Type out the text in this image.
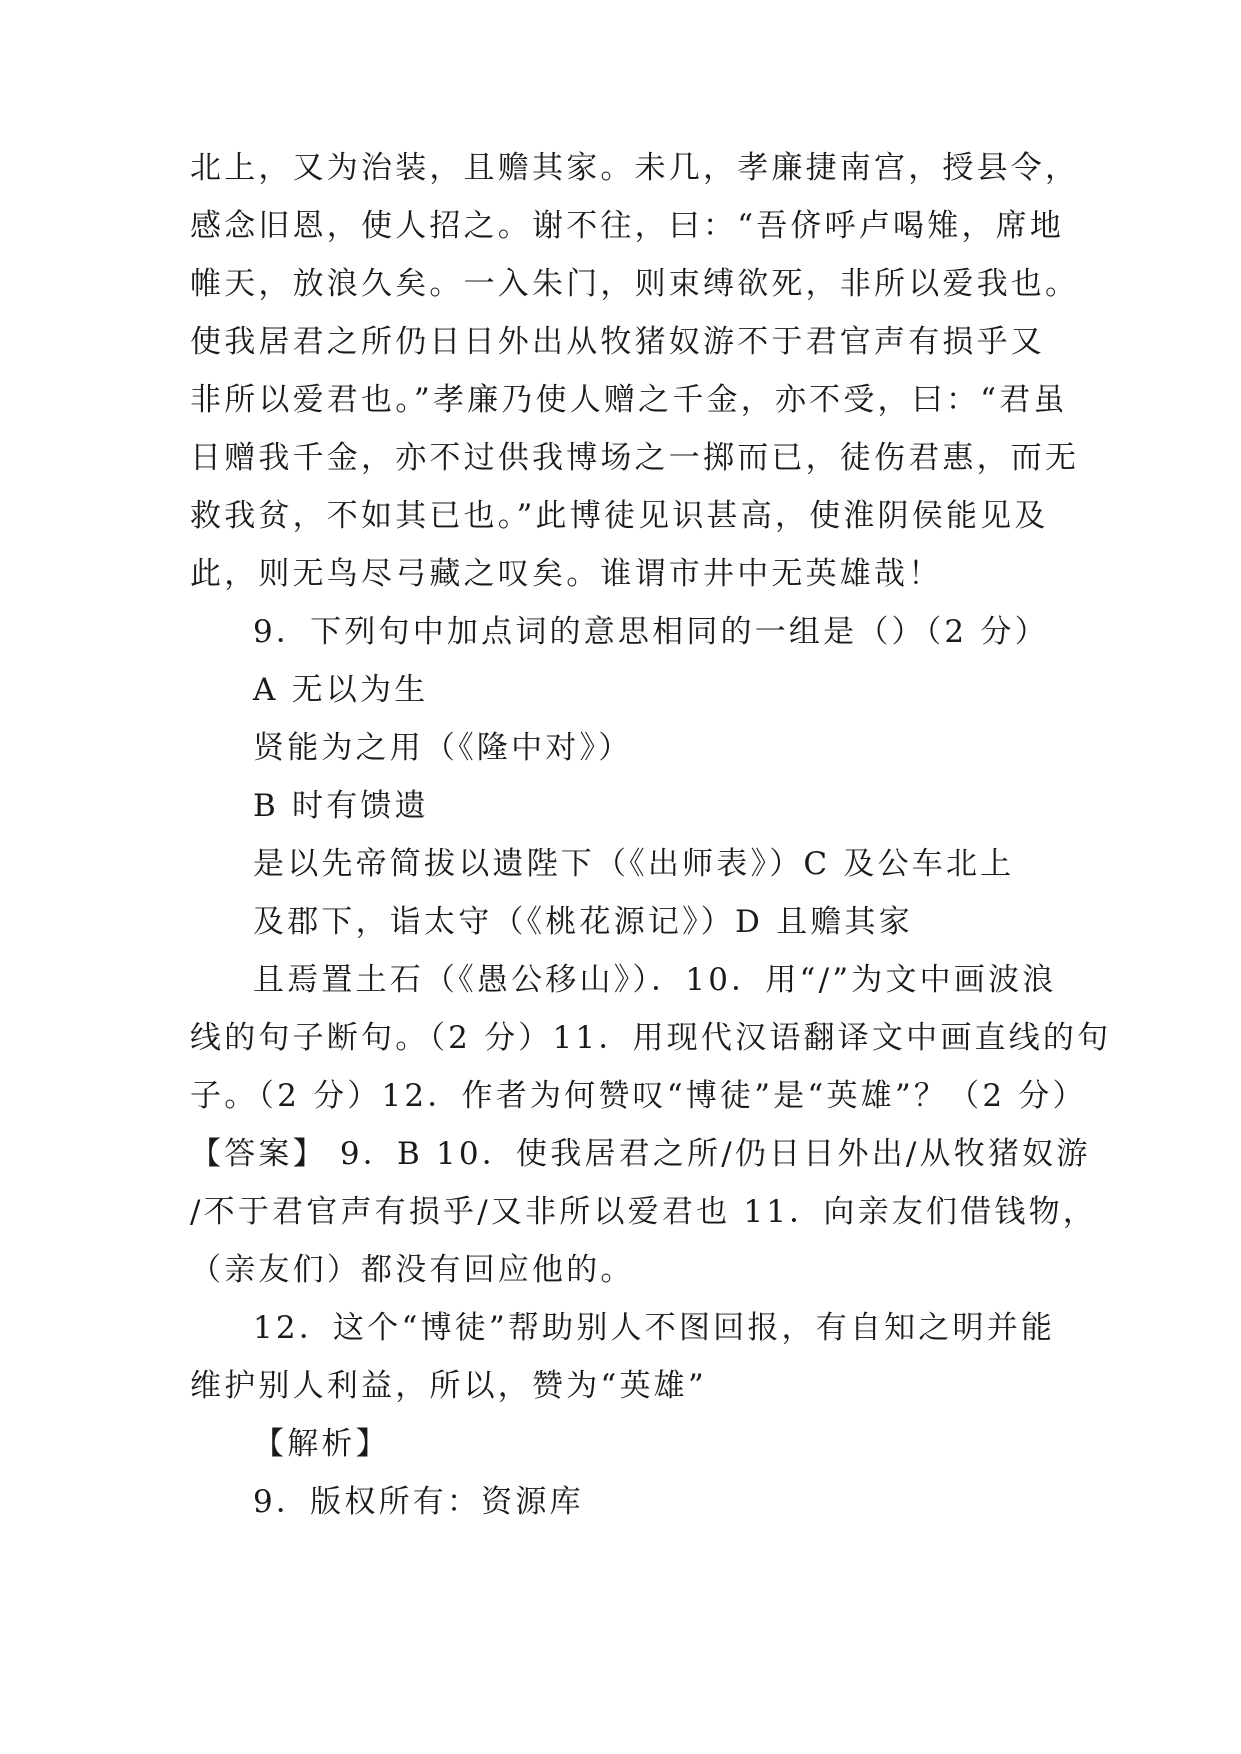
北上，又为治装，且赡其家。未几，孝廉捷南宫，授县令，
感念旧恩，使人招之。谢不往，曰：“吾侪呼卢喝雉，席地
帷天，放浪久矣。一入朱门，则束缚欲死，非所以爱我也。
使我居君之所仍日日外出从牧猪奴游不于君官声有损乎又
非所以爱君也。”孝廉乃使人赠之千金，亦不受，曰：“君虽
日赠我千金，亦不过供我博场之一掷而已，徒伤君惠，而无
救我贫，不如其已也。”此博徒见识甚高，使淮阴侯能见及
此，则无鸟尽弓藏之叹矣。谁谓市井中无英雄哉！
9．下列句中加点词的意思相同的一组是（）（2 分）
A 无以为生
贤能为之用（《隆中对》）
B 时有馈遗
是以先帝简拔以遗陛下（《出师表》）C 及公车北上
及郡下，诣太守（《桃花源记》）D 且赡其家
且焉置土石（《愚公移山》）．10．用“/”为文中画波浪
线的句子断句。（2 分）11．用现代汉语翻译文中画直线的句
子。（2 分）12．作者为何赞叹“博徒”是“英雄”？（2 分）
【答案】 9．B 10．使我居君之所/仍日日外出/从牧猪奴游
/不于君官声有损乎/又非所以爱君也 11．向亲友们借钱物，
（亲友们）都没有回应他的。
12．这个“博徒”帮助别人不图回报，有自知之明并能
维护别人利益，所以，赞为“英雄”
【解析】
9．版权所有：资源库
